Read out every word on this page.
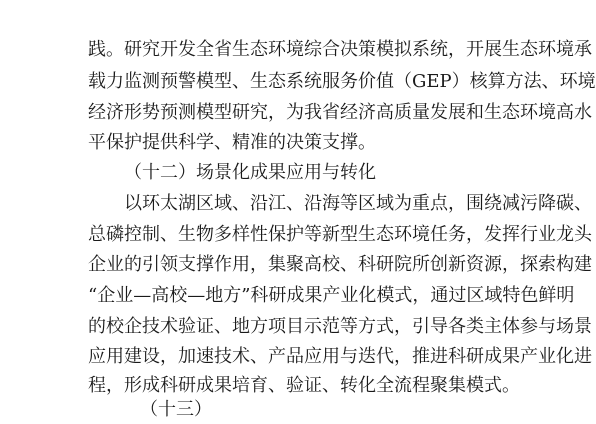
践。研究开发全省生态环境综合决策模拟系统，开展生态环境承
载力监测预警模型、生态系统服务价值（GEP）核算方法、环境
经济形势预测模型研究，为我省经济高质量发展和生态环境高水
平保护提供科学、精准的决策支撑。
（十二）场景化成果应用与转化
以环太湖区域、沿江、沿海等区域为重点，围绕减污降碳、
总磷控制、生物多样性保护等新型生态环境任务，发挥行业龙头
企业的引领支撑作用，集聚高校、科研院所创新资源，探索构建
“企业—高校—地方”科研成果产业化模式，通过区域特色鲜明
的校企技术验证、地方项目示范等方式，引导各类主体参与场景
应用建设，加速技术、产品应用与迭代，推进科研成果产业化进
程，形成科研成果培育、验证、转化全流程聚集模式。
（十三）
